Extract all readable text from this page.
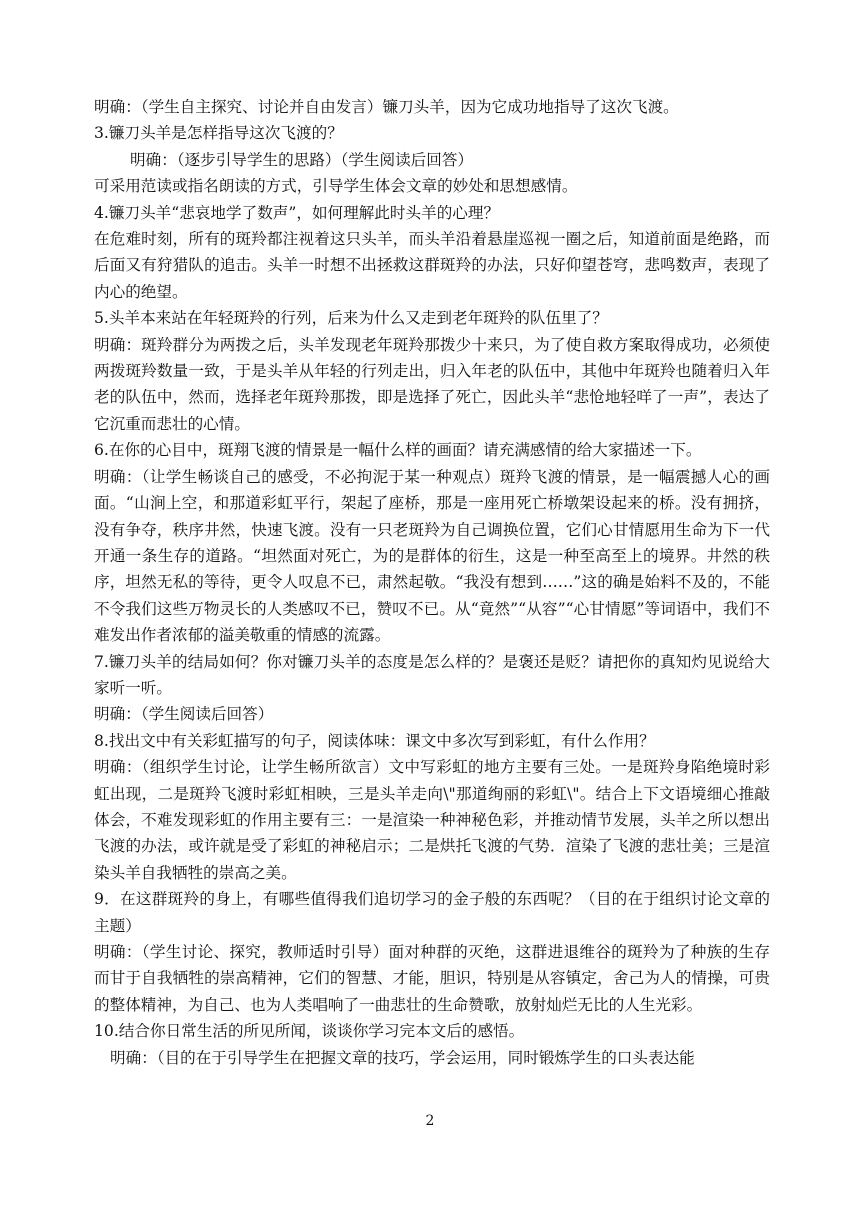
明确：（学生自主探究、讨论并自由发言）镰刀头羊，因为它成功地指导了这次飞渡。

3.镰刀头羊是怎样指导这次飞渡的？

明确：（逐步引导学生的思路）（学生阅读后回答）

可采用范读或指名朗读的方式，引导学生体会文章的妙处和思想感情。

4.镰刀头羊“悲哀地学了数声”，如何理解此时头羊的心理？

在危难时刻，所有的斑羚都注视着这只头羊，而头羊沿着悬崖巡视一圈之后，知道前面是绝路，而后面又有狩猎队的追击。头羊一时想不出拯救这群斑羚的办法，只好仰望苍穹，悲鸣数声，表现了内心的绝望。

5.头羊本来站在年轻斑羚的行列，后来为什么又走到老年斑羚的队伍里了？

明确：斑羚群分为两拨之后，头羊发现老年斑羚那拨少十来只，为了使自救方案取得成功，必须使两拨斑羚数量一致，于是头羊从年轻的行列走出，归入年老的队伍中，其他中年斑羚也随着归入年老的队伍中，然而，选择老年斑羚那拨，即是选择了死亡，因此头羊“悲怆地轻咩了一声”，表达了它沉重而悲壮的心情。

6.在你的心目中，斑翔飞渡的情景是一幅什么样的画面？请充满感情的给大家描述一下。

明确：（让学生畅谈自己的感受，不必拘泥于某一种观点）斑羚飞渡的情景，是一幅震撼人心的画面。“山涧上空，和那道彩虹平行，架起了座桥，那是一座用死亡桥墩架设起来的桥。没有拥挤，没有争夺，秩序井然，快速飞渡。没有一只老斑羚为自己调换位置，它们心甘情愿用生命为下一代开通一条生存的道路。“坦然面对死亡，为的是群体的衍生，这是一种至高至上的境界。井然的秩序，坦然无私的等待，更令人叹息不已，肃然起敬。“我没有想到……”这的确是始料不及的，不能不令我们这些万物灵长的人类感叹不已，赞叹不已。从“竟然”“从容”“心甘情愿”等词语中，我们不难发出作者浓郁的溢美敬重的情感的流露。

7.镰刀头羊的结局如何？你对镰刀头羊的态度是怎么样的？是褒还是贬？请把你的真知灼见说给大家听一听。

明确：（学生阅读后回答）

8.找出文中有关彩虹描写的句子，阅读体味：课文中多次写到彩虹，有什么作用？

明确：（组织学生讨论，让学生畅所欲言）文中写彩虹的地方主要有三处。一是斑羚身陷绝境时彩虹出现，二是斑羚飞渡时彩虹相映，三是头羊走向\"那道绚丽的彩虹\"。结合上下文语境细心推敲体会，不难发现彩虹的作用主要有三：一是渲染一种神秘色彩，并推动情节发展，头羊之所以想出飞渡的办法，或许就是受了彩虹的神秘启示；二是烘托飞渡的气势．渲染了飞渡的悲壮美；三是渲染头羊自我牺牲的崇高之美。

9．在这群斑羚的身上，有哪些值得我们追切学习的金子般的东西呢？（目的在于组织讨论文章的主题）

明确：（学生讨论、探究，教师适时引导）面对种群的灭绝，这群进退维谷的斑羚为了种族的生存而甘于自我牺牲的崇高精神，它们的智慧、才能，胆识，特别是从容镇定，舍己为人的情操，可贵的整体精神，为自己、也为人类唱响了一曲悲壮的生命赞歌，放射灿烂无比的人生光彩。

10.结合你日常生活的所见所闻，谈谈你学习完本文后的感悟。

明确：（目的在于引导学生在把握文章的技巧，学会运用，同时锻炼学生的口头表达能

2
